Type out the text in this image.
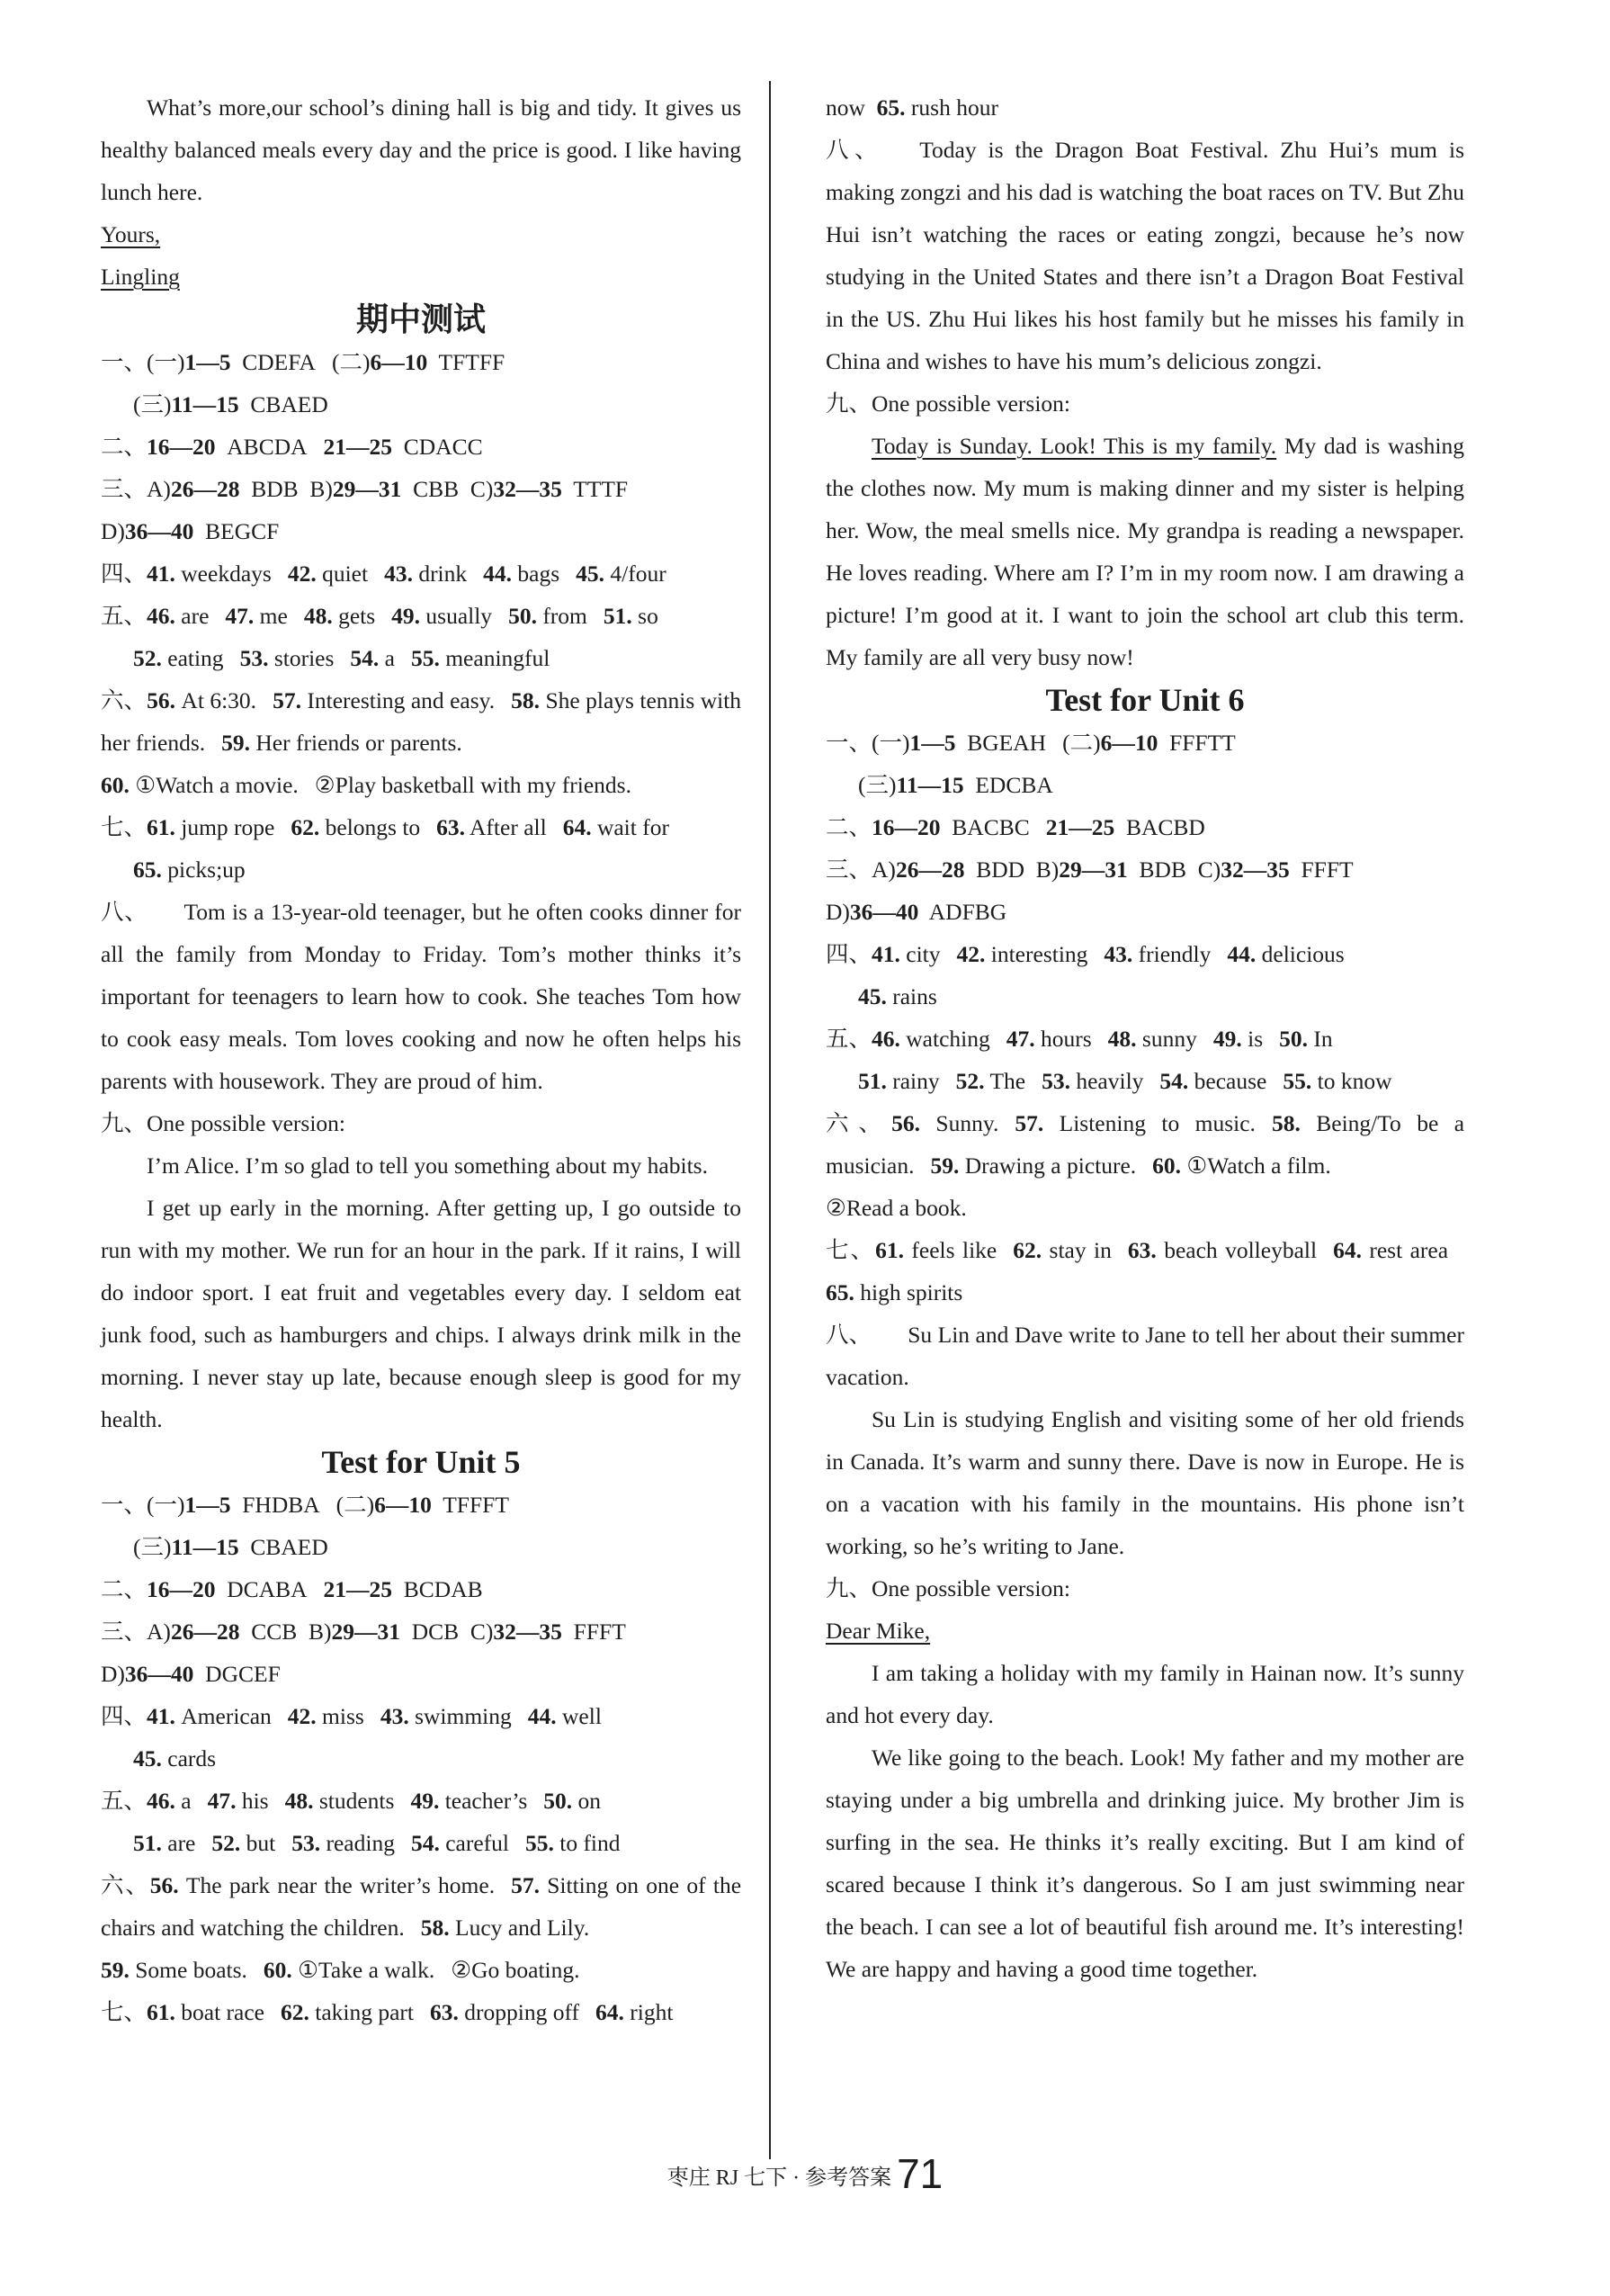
What’s more,our school’s dining hall is big and tidy. It gives us healthy balanced meals every day and the price is good. I like having lunch here.

Yours,

Lingling

期中测试

一、(一)1—5 CDEFA (二)6—10 TFTFF

(三)11—15 CBAED

二、16—20 ABCDA 21—25 CDACC

三、A)26—28 BDB B)29—31 CBB C)32—35 TTTF

D)36—40 BEGCF

四、41. weekdays 42. quiet 43. drink 44. bags 45. 4/four

五、46. are 47. me 48. gets 49. usually 50. from 51. so

52. eating 53. stories 54. a 55. meaningful

六、56. At 6:30. 57. Interesting and easy. 58. She plays tennis with her friends. 59. Her friends or parents.

60. ①Watch a movie. ②Play basketball with my friends.

七、61. jump rope 62. belongs to 63. After all 64. wait for

65. picks;up

八、 Tom is a 13-year-old teenager, but he often cooks dinner for all the family from Monday to Friday. Tom’s mother thinks it’s important for teenagers to learn how to cook. She teaches Tom how to cook easy meals. Tom loves cooking and now he often helps his parents with housework. They are proud of him.

九、One possible version:

I’m Alice. I’m so glad to tell you something about my habits.

I get up early in the morning. After getting up, I go outside to run with my mother. We run for an hour in the park. If it rains, I will do indoor sport. I eat fruit and vegetables every day. I seldom eat junk food, such as hamburgers and chips. I always drink milk in the morning. I never stay up late, because enough sleep is good for my health.

Test for Unit 5

一、(一)1—5 FHDBA (二)6—10 TFFFT

(三)11—15 CBAED

二、16—20 DCABA 21—25 BCDAB

三、A)26—28 CCB B)29—31 DCB C)32—35 FFFT

D)36—40 DGCEF

四、41. American 42. miss 43. swimming 44. well

45. cards

五、46. a 47. his 48. students 49. teacher’s 50. on

51. are 52. but 53. reading 54. careful 55. to find

六、56. The park near the writer’s home. 57. Sitting on one of the chairs and watching the children. 58. Lucy and Lily.

59. Some boats. 60. ①Take a walk. ②Go boating.

七、61. boat race 62. taking part 63. dropping off 64. right

now 65. rush hour

八、 Today is the Dragon Boat Festival. Zhu Hui’s mum is making zongzi and his dad is watching the boat races on TV. But Zhu Hui isn’t watching the races or eating zongzi, because he’s now studying in the United States and there isn’t a Dragon Boat Festival in the US. Zhu Hui likes his host family but he misses his family in China and wishes to have his mum’s delicious zongzi.

九、One possible version:

Today is Sunday. Look! This is my family. My dad is washing the clothes now. My mum is making dinner and my sister is helping her. Wow, the meal smells nice. My grandpa is reading a newspaper. He loves reading. Where am I? I’m in my room now. I am drawing a picture! I’m good at it. I want to join the school art club this term. My family are all very busy now!

Test for Unit 6

一、(一)1—5 BGEAH (二)6—10 FFFTT

(三)11—15 EDCBA

二、16—20 BACBC 21—25 BACBD

三、A)26—28 BDD B)29—31 BDB C)32—35 FFFT

D)36—40 ADFBG

四、41. city 42. interesting 43. friendly 44. delicious

45. rains

五、46. watching 47. hours 48. sunny 49. is 50. In

51. rainy 52. The 53. heavily 54. because 55. to know

六、56. Sunny. 57. Listening to music. 58. Being/To be a musician. 59. Drawing a picture. 60. ①Watch a film.

②Read a book.

七、61. feels like 62. stay in 63. beach volleyball 64. rest area65. high spirits

八、 Su Lin and Dave write to Jane to tell her about their summer vacation.

Su Lin is studying English and visiting some of her old friends in Canada. It’s warm and sunny there. Dave is now in Europe. He is on a vacation with his family in the mountains. His phone isn’t working, so he’s writing to Jane.

九、One possible version:

Dear Mike,

I am taking a holiday with my family in Hainan now. It’s sunny and hot every day.

We like going to the beach. Look! My father and my mother are staying under a big umbrella and drinking juice. My brother Jim is surfing in the sea. He thinks it’s really exciting. But I am kind of scared because I think it’s dangerous. So I am just swimming near the beach. I can see a lot of beautiful fish around me. It’s interesting! We are happy and having a good time together.

枣庄 RJ 七下 · 参考答案 71
